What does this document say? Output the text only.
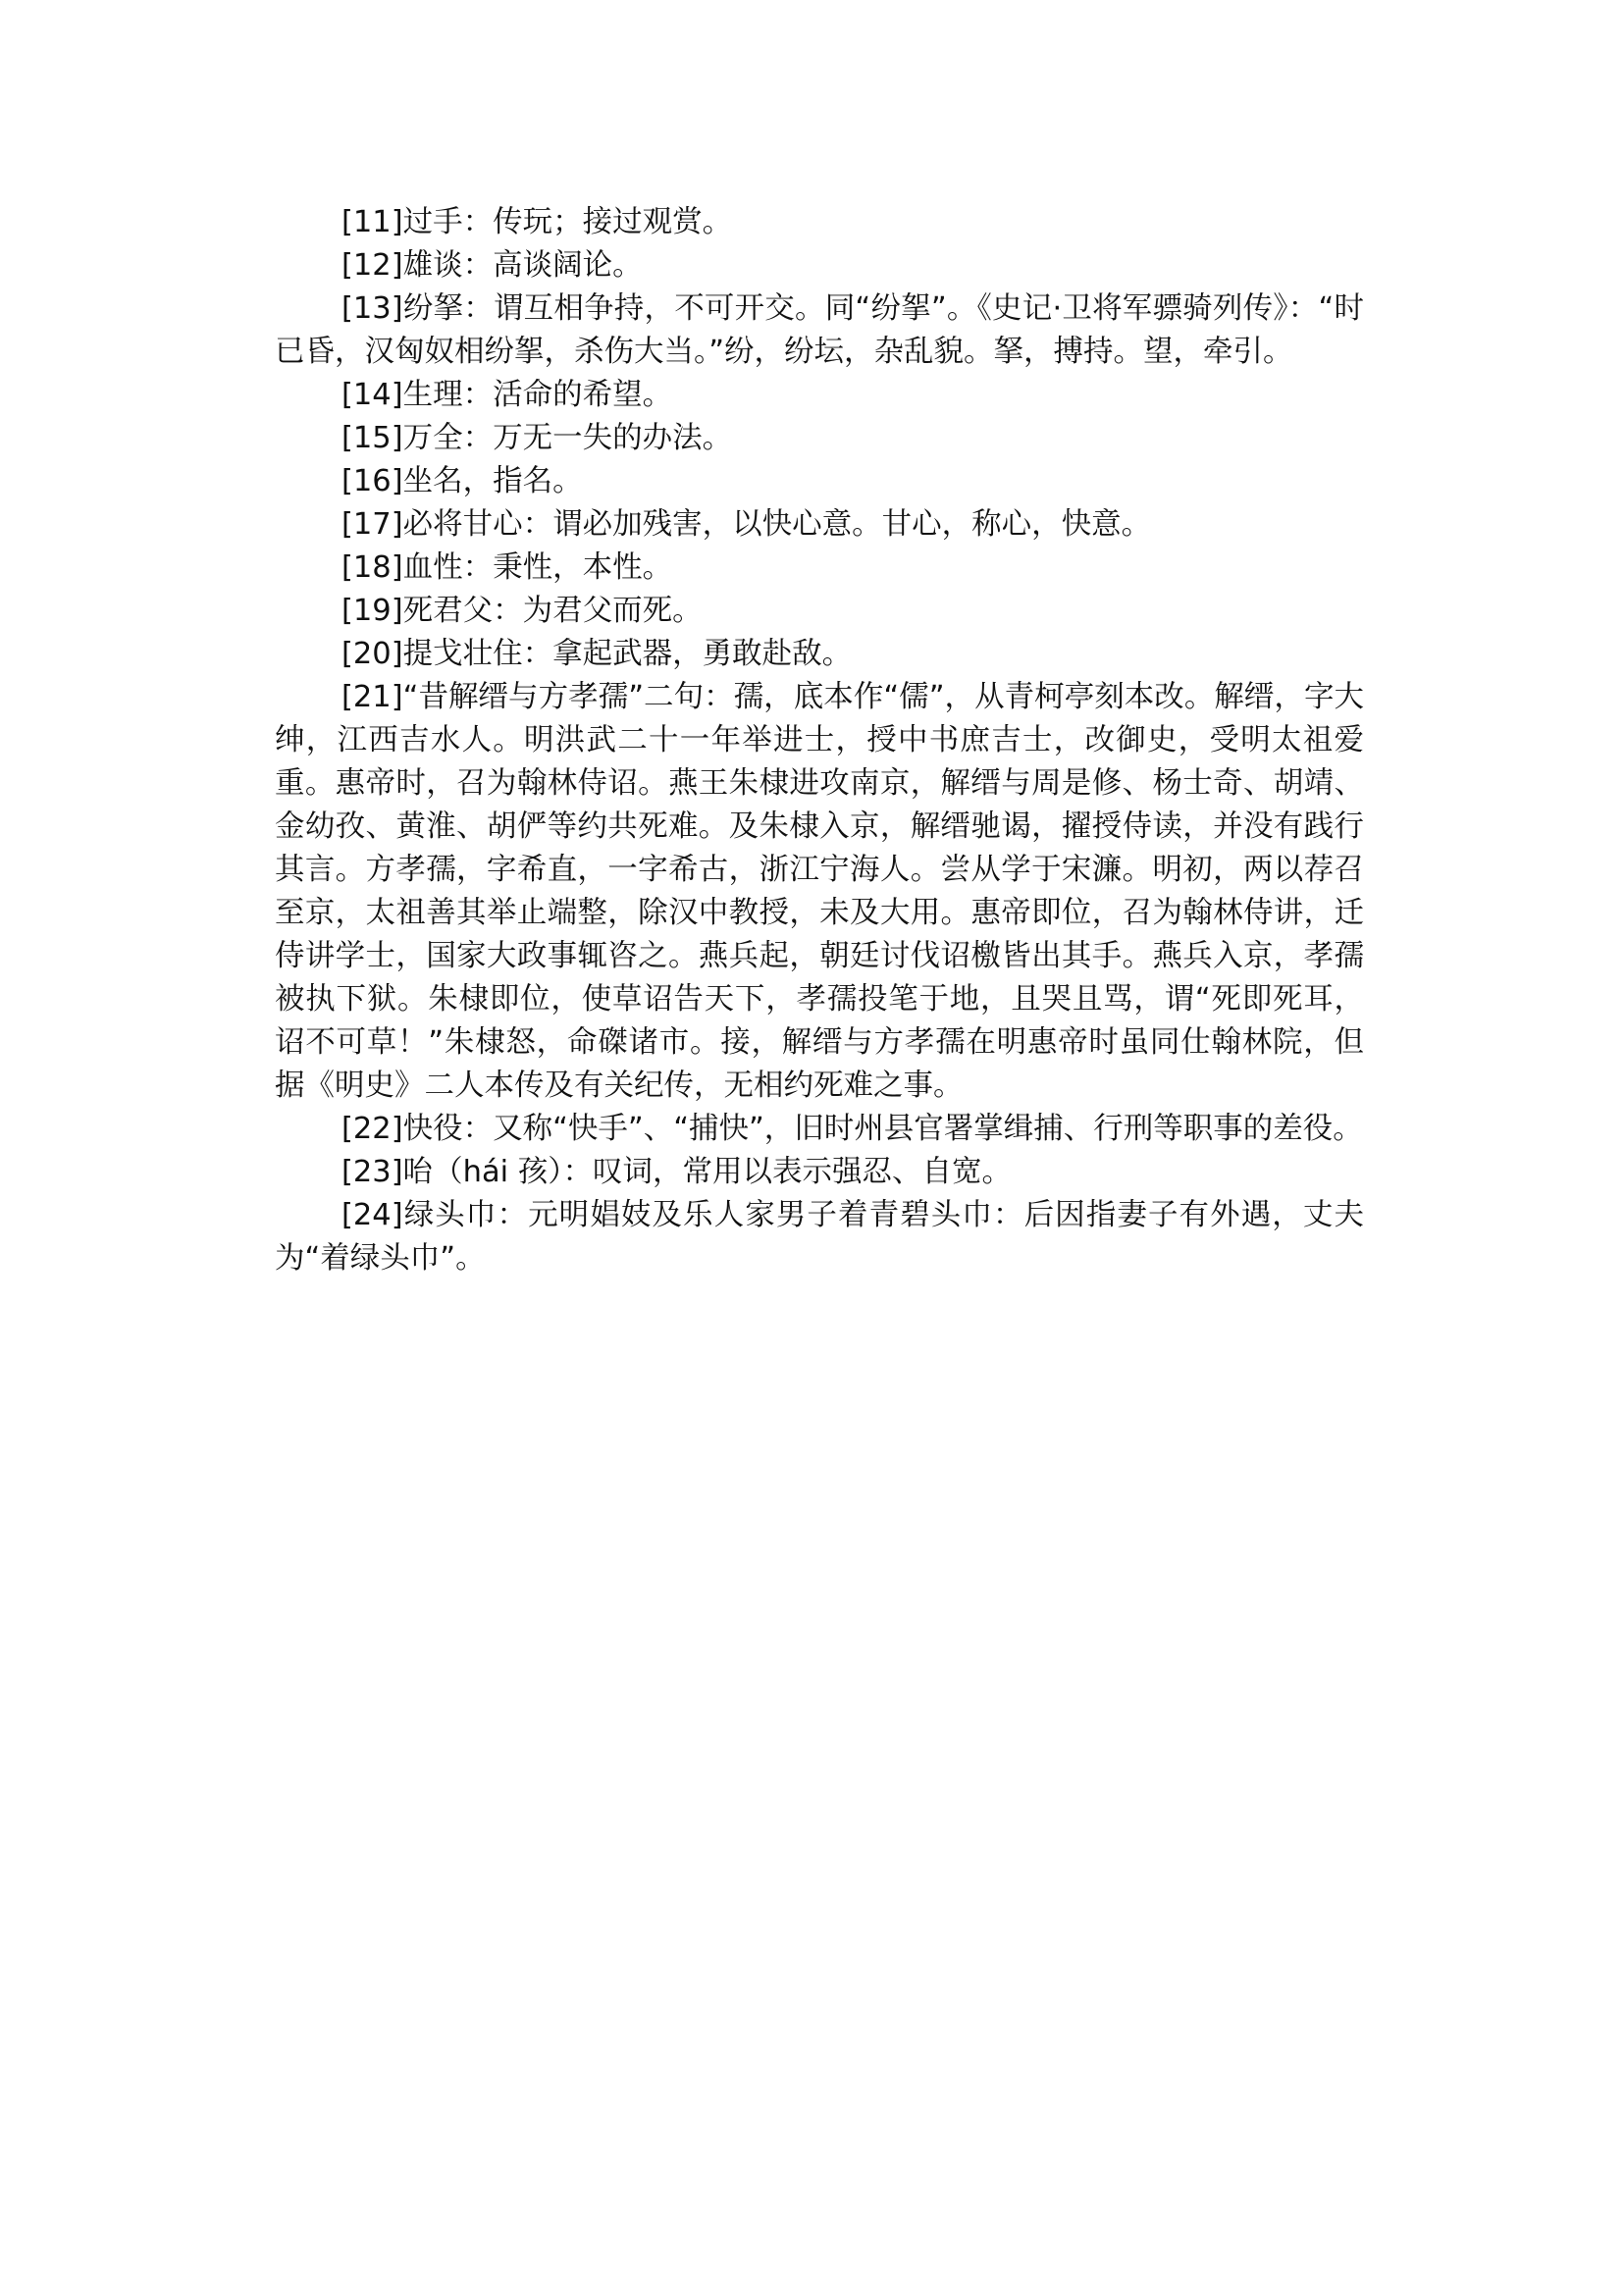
[11]过手：传玩；接过观赏。

[12]雄谈：高谈阔论。

[13]纷拏：谓互相争持，不可开交。同“纷挐”。《史记·卫将军骠骑列传》：“时已昏，汉匈奴相纷挐，杀伤大当。”纷，纷坛，杂乱貌。拏，搏持。望，牵引。

[14]生理：活命的希望。

[15]万全：万无一失的办法。

[16]坐名，指名。

[17]必将甘心：谓必加残害，以快心意。甘心，称心，快意。

[18]血性：秉性，本性。

[19]死君父：为君父而死。

[20]提戈壮住：拿起武器，勇敢赴敌。

[21]“昔解缙与方孝孺”二句：孺，底本作“儒”，从青柯亭刻本改。解缙，字大绅，江西吉水人。明洪武二十一年举进士，授中书庶吉士，改御史，受明太祖爱重。惠帝时，召为翰林侍诏。燕王朱棣进攻南京，解缙与周是修、杨士奇、胡靖、金幼孜、黄淮、胡俨等约共死难。及朱棣入京，解缙驰谒，擢授侍读，并没有践行其言。方孝孺，字希直，一字希古，浙江宁海人。尝从学于宋濂。明初，两以荐召至京，太祖善其举止端整，除汉中教授，未及大用。惠帝即位，召为翰林侍讲，迁侍讲学士，国家大政事辄咨之。燕兵起，朝廷讨伐诏檄皆出其手。燕兵入京，孝孺被执下狱。朱棣即位，使草诏告天下，孝孺投笔于地，且哭且骂，谓“死即死耳，诏不可草！”朱棣怒，命磔诸市。接，解缙与方孝孺在明惠帝时虽同仕翰林院，但据《明史》二人本传及有关纪传，无相约死难之事。

[22]快役：又称“快手”、“捕快”，旧时州县官署掌缉捕、行刑等职事的差役。

[23]咍（hái 孩）：叹词，常用以表示强忍、自宽。

[24]绿头巾：元明娼妓及乐人家男子着青碧头巾：后因指妻子有外遇，丈夫为“着绿头巾”。
